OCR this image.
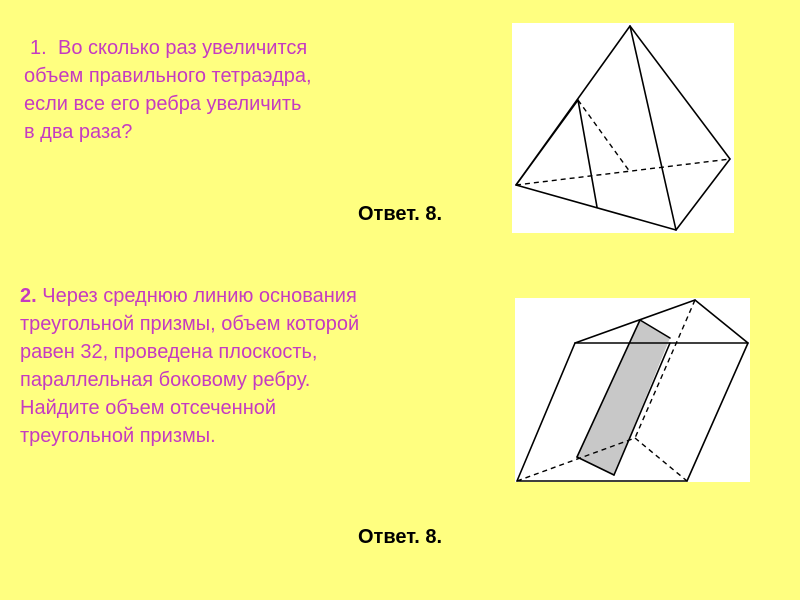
1. Во сколько раз увеличится
объем правильного тетраэдра,
если все его ребра увеличить
в два раза?
Ответ. 8.
2. Через среднюю линию основания
треугольной призмы, объем которой
равен 32, проведена плоскость,
параллельная боковому ребру.
Найдите объем отсеченной
треугольной призмы.
Ответ. 8.
